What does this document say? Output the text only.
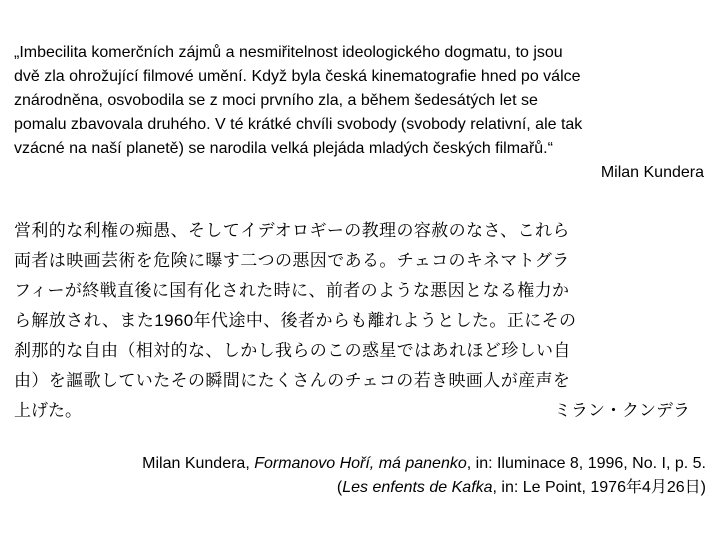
„Imbecilita komerčních zájmů a nesmiřitelnost ideologického dogmatu, to jsou
dvě zla ohrožující filmové umění. Když byla česká kinematografie hned po válce
znárodněna, osvobodila se z moci prvního zla, a během šedesátých let se
pomalu zbavovala druhého. V té krátké chvíli svobody (svobody relativní, ale tak
vzácné na naší planetě) se narodila velká plejáda mladých českých filmařů.“
Milan Kundera
営利的な利権の痴愚、そしてイデオロギーの教理の容赦のなさ、これら
両者は映画芸術を危険に曝す二つの悪因である。チェコのキネマトグラ
フィーが終戦直後に国有化された時に、前者のような悪因となる権力か
ら解放され、また1960年代途中、後者からも離れようとした。正にその
刹那的な自由（相対的な、しかし我らのこの惑星ではあれほど珍しい自
由）を謳歌していたその瞬間にたくさんのチェコの若き映画人が産声を
上げた。	ミラン・クンデラ
Milan Kundera, Formanovo Hoří, má panenko, in: Iluminace 8, 1996, No. I, p. 5.
(Les enfents de Kafka, in: Le Point, 1976年4月26日)
